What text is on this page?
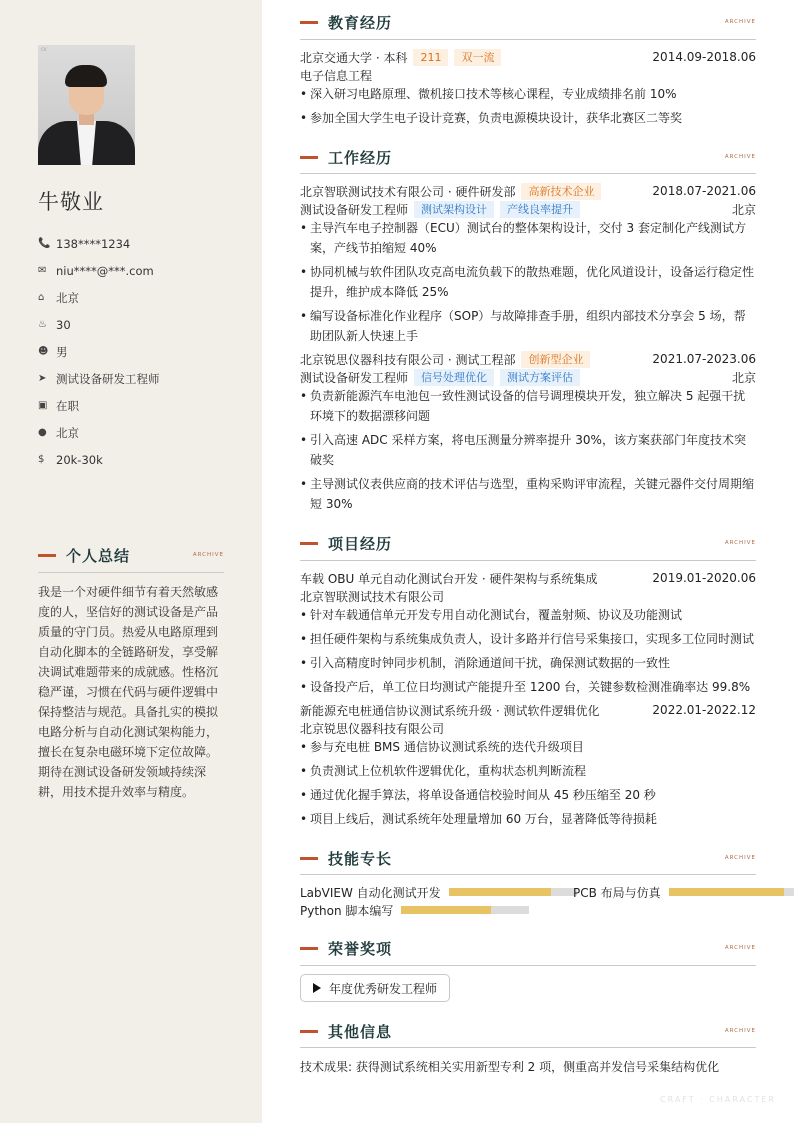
CV
牛敬业
📞 138****1234
✉ niu****@***.com
⌂	北京
♨ 30
☻ 男
➤ 测试设备研发工程师
▣ 在职
● 北京
$	20k-30k
个人总结	ARCHIVE
我是一个对硬件细节有着天然敏感度的人，坚信好的测试设备是产品质量的守门员。热爱从电路原理到自动化脚本的全链路研发，享受解决调试难题带来的成就感。性格沉稳严谨，习惯在代码与硬件逻辑中保持整洁与规范。具备扎实的模拟电路分析与自动化测试架构能力，擅长在复杂电磁环境下定位故障。期待在测试设备研发领域持续深耕，用技术提升效率与精度。
教育经历	ARCHIVE
北京交通大学 · 本科	211	双一流	2014.09-2018.06
电子信息工程
• 深入研习电路原理、微机接口技术等核心课程，专业成绩排名前 10%
• 参加全国大学生电子设计竞赛，负责电源模块设计，获华北赛区二等奖
工作经历	ARCHIVE
北京智联测试技术有限公司 · 硬件研发部	高新技术企业	2018.07-2021.06
测试设备研发工程师	测试架构设计	产线良率提升	北京
• 主导汽车电子控制器（ECU）测试台的整体架构设计，交付 3 套定制化产线测试方案，产线节拍缩短 40%
• 协同机械与软件团队攻克高电流负载下的散热难题，优化风道设计，设备运行稳定性提升，维护成本降低 25%
• 编写设备标准化作业程序（SOP）与故障排查手册，组织内部技术分享会 5 场，帮助团队新人快速上手
北京锐思仪器科技有限公司 · 测试工程部	创新型企业	2021.07-2023.06
测试设备研发工程师	信号处理优化	测试方案评估	北京
• 负责新能源汽车电池包一致性测试设备的信号调理模块开发，独立解决 5 起强干扰环境下的数据漂移问题
• 引入高速 ADC 采样方案，将电压测量分辨率提升 30%，该方案获部门年度技术突破奖
• 主导测试仪表供应商的技术评估与选型，重构采购评审流程，关键元器件交付周期缩短 30%
项目经历	ARCHIVE
车载 OBU 单元自动化测试台开发 · 硬件架构与系统集成	2019.01-2020.06
北京智联测试技术有限公司
• 针对车载通信单元开发专用自动化测试台，覆盖射频、协议及功能测试
• 担任硬件架构与系统集成负责人，设计多路并行信号采集接口，实现多工位同时测试
• 引入高精度时钟同步机制，消除通道间干扰，确保测试数据的一致性
• 设备投产后，单工位日均测试产能提升至 1200 台，关键参数检测准确率达 99.8%
新能源充电桩通信协议测试系统升级 · 测试软件逻辑优化	2022.01-2022.12
北京锐思仪器科技有限公司
• 参与充电桩 BMS 通信协议测试系统的迭代升级项目
• 负责测试上位机软件逻辑优化，重构状态机判断流程
• 通过优化握手算法，将单设备通信校验时间从 45 秒压缩至 20 秒
• 项目上线后，测试系统年处理量增加 60 万台，显著降低等待损耗
技能专长	ARCHIVE
LabVIEW 自动化测试开发	PCB 布局与仿真
Python 脚本编写
荣誉奖项	ARCHIVE
年度优秀研发工程师
其他信息	ARCHIVE
技术成果: 获得测试系统相关实用新型专利 2 项，侧重高并发信号采集结构优化
CRAFT · CHARACTER
